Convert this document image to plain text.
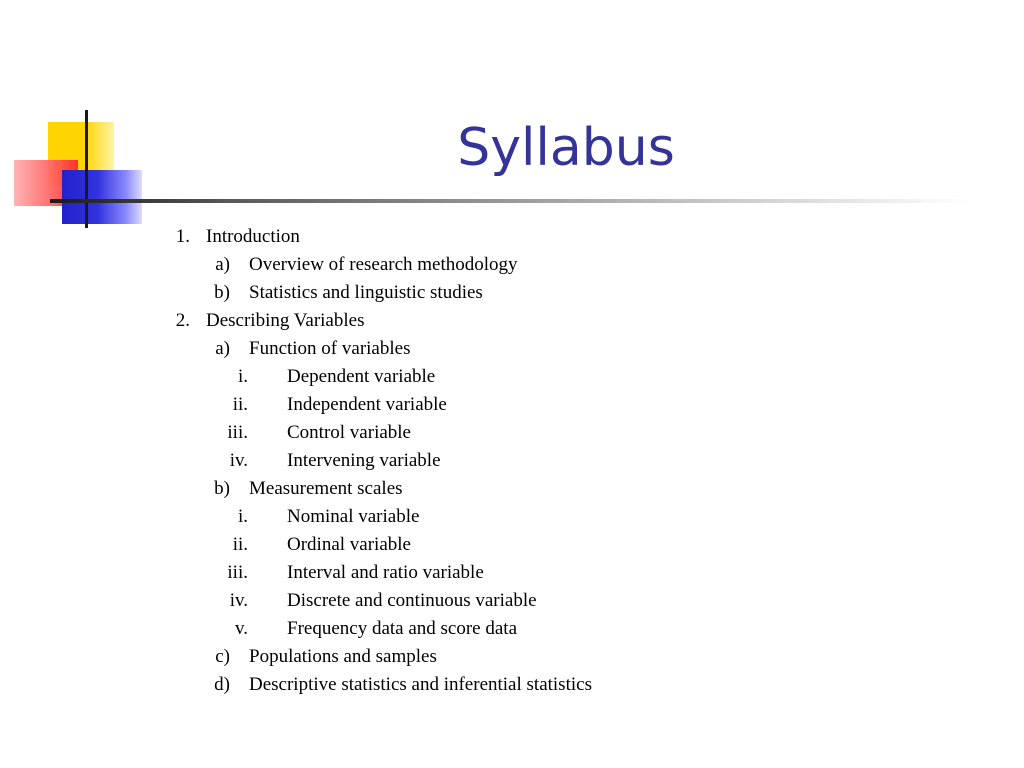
Syllabus
1. Introduction
a) Overview of research methodology
b) Statistics and linguistic studies
2. Describing Variables
a) Function of variables
i. Dependent variable
ii. Independent variable
iii. Control variable
iv. Intervening variable
b) Measurement scales
i. Nominal variable
ii. Ordinal variable
iii. Interval and ratio variable
iv. Discrete and continuous variable
v. Frequency data and score data
c) Populations and samples
d) Descriptive statistics and inferential statistics
